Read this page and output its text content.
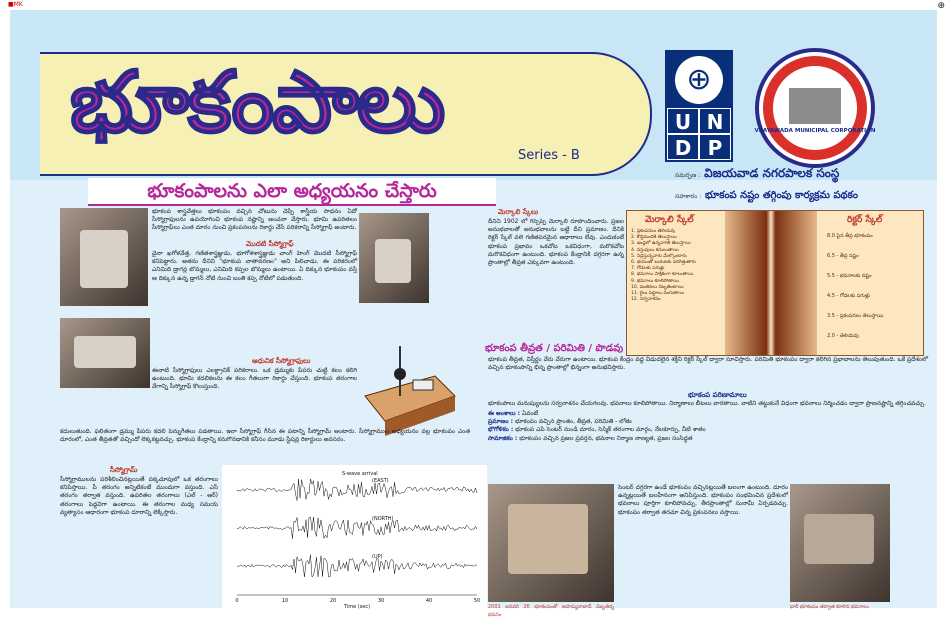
■MK	⊕
భూకంపాలు
Series - B
⊕
U N
D P
VIJAYAWADA MUNICIPAL CORPORATION
భూకంపాలను ఎలా అధ్యయనం చేస్తారు
సమర్పణ : విజయవాడ నగరపాలక సంస్థ
సహకారం : భూకంప నష్టం తగ్గింపు కార్యక్రమ పథకం
భూకంప శాస్త్రవేత్తలు భూకంపం వచ్చిన చోటును చెప్పే శాస్త్రీయ సాధనం ఏదో సీస్మోగ్రాఫులను ఉపయోగించి భూకంప నష్టాన్ని అంచనా వేస్తారు. భూమి ఉపరితలం సీస్మోగ్రాఫ్‌లు ఎంత దూరం నుంచి ప్రకంపనలను రికార్డు చేసే పరికరాన్ని సీస్మోగ్రాఫ్ అంటారు.
మొదటి సీస్మోగ్రాఫ్
చైనా ఖగోళవేత్త, గణితశాస్త్రజ్ఞుడు, భూగోళశాస్త్రజ్ఞుడు చాంగ్ హెంగ్ మొదటి సీస్మోగ్రాఫ్ కనిపెట్టారు. అతను దీనిని "భూకంప వాతావరణం" అని పిలిచాడు. ఈ పరికరంలో ఎనిమిది డ్రాగన్ల బొమ్మలు, ఎనిమిది కప్పల బొమ్మలు ఉంటాయి. ఏ దిక్కున భూకంపం వస్తే ఆ దిక్కున ఉన్న డ్రాగన్ నోటి నుంచి బంతి కప్ప నోటిలో పడుతుంది.
ఆధునిక సీస్మోగ్రాఫులు
ఈనాటి సీస్మోగ్రాఫులు ఎలక్ట్రానిక్ పరికరాలు. ఒక డ్రమ్ముకు పేపరు చుట్టి కలం కలిగి ఉంటుంది. భూమి కదలికలను ఈ కలం గీతలుగా రికార్డు చేస్తుంది. భూకంప తరంగాల వేగాన్ని సీస్మోగ్రాఫ్ కొలుస్తుంది.
కదులుతుంది. ఫలితంగా డ్రమ్ము పేపరు కదలి పెన్నుగీతలు పడతాయి. ఇలా సీస్మోగ్రాఫ్ గీసిన ఈ పటాన్ని సీస్మోగ్రామ్ అంటారు. సీస్మోగ్రాముల అధ్యయనం వల్ల భూకంపం ఎంత దూరంలో, ఎంత తీవ్రతతో వచ్చిందో లెక్కకట్టవచ్చు. భూకంప కేంద్రాన్ని కనుగొనడానికి కనీసం మూడు స్టేషన్ల రికార్డులు అవసరం.
సీస్మోగ్రామ్
సీస్మోగ్రాములను పరిశీలించినట్లయితే పక్కచూపులో ఒక తరంగాలు కనిపిస్తాయి. పీ తరంగం అన్నిటికంటే ముందుగా వస్తుంది. ఎస్ తరంగం తర్వాత వస్తుంది. ఉపరితల తరంగాలు (ఎల్ - ఆర్) తరంగాలు పెద్దవిగా ఉంటాయి. ఈ తరంగాల మధ్య సమయ వ్యత్యాసం ఆధారంగా భూకంప దూరాన్ని లెక్కిస్తారు.
(EAST)
(NORTH)
(UP)
0	10	20	30	40	50
S-wave arrival
Time (sec)
మెర్కాలి స్కేలు
దీనిని 1902 లో గిస్సెప్పె మెర్కాలి రూపొందించారు. ప్రజల అనుభవాలతో అనుభవాలను బట్టి దీని ప్రమాణం. దీనికి రిక్టర్ స్కేల్ వలె గణితపరమైన ఆధారాలు లేవు. ఎందుకంటే భూకంప ప్రభావం ఒకచోట ఒకవిధంగా, మరొకచోట మరొకవిధంగా ఉంటుంది. భూకంప కేంద్రానికి దగ్గరగా ఉన్న ప్రాంతాల్లో తీవ్రత ఎక్కువగా ఉంటుంది.
మెర్కాలి స్కేల్
1. ప్రకంపనలు తెలియవు
2. కొద్దిమందికి తెలుస్తాయి
3. ఇండ్లలో ఉన్నవారికి తెలుస్తాయి
4. వస్తువులు కదులుతాయి
5. నిద్రిస్తున్నవారు మేల్కొంటారు
6. భయంతో బయటకు పరిగెత్తుతారు
7. గోడలకు పగుళ్లు
8. భవనాలు పాక్షికంగా కూలుతాయి
9. భవనాలు కూలిపోతాయి
10. వంతెనలు దెబ్బతింటాయి
11. రైలు పట్టాలు వంగుతాయి
12. సర్వనాశనం
రిక్టర్ స్కేల్
8.0 పైన తీవ్ర భూకంపం
6.5 - తీవ్ర నష్టం
5.5 - భవనాలకు నష్టం
4.5 - గోడలకు పగుళ్లు
3.5 - ప్రకంపనలు తెలుస్తాయి
2.0 - తెలియవు
భూకంప తీవ్రత / పరిమితి / పొడవు
భూకంప తీవ్రత, విస్తీర్ణం వేరు వేరుగా ఉంటాయి. భూకంప కేంద్రం వద్ద విడుదలైన శక్తిని రిక్టర్ స్కేల్ ద్వారా సూచిస్తారు. పరిమితి భూకంపం ద్వారా కలిగిన ప్రభావాలను తెలుపుతుంది. ఒకే ప్రదేశంలో వచ్చిన భూకంపాన్ని భిన్న ప్రాంతాల్లో భిన్నంగా అనుభవిస్తారు.
భూకంప పరిణామాలు
భూకంపాలు మనుష్యులను సర్వనాశనం చేయగలవు. భవనాలు కూలిపోతాయి. నిర్మాణాలు బీటలు వారతాయి. వాటిని తట్టుకునే విధంగా భవనాలు నిర్మించడం ద్వారా ప్రాణనష్టాన్ని తగ్గించవచ్చు.
ఈ అంశాలు : ఏవంటే
ప్రమాణం : భూకంపం వచ్చిన ప్రాంతం, తీవ్రత, పరిమితి - లోతు
భౌగోళికం : భూకంప ఎపి సెంటర్ నుండి దూరం, సెస్మిక్ తరంగాల మార్గం, నేలకూర్పు, నీటి శాతం
సామాజికం : భూకంపం వచ్చిన ప్రజల ప్రవర్తన, భవనాల నిర్మాణ నాణ్యత, ప్రజల సంసిద్ధత
2001 జనవరి 26 భూకంపంతో అహమ్మదాబాద్ దెబ్బతిన్న భవనం
సెంటర్ దగ్గరగా ఉండే భూకంపం వచ్చినట్లయితే బలంగా ఉంటుంది. దూరం ఉన్నట్లయితే బలహీనంగా అనిపిస్తుంది. భూకంపం సంభవించిన ప్రదేశంలో భవనాలు పూర్తిగా కూలిపోవచ్చు. తీరప్రాంతాల్లో సునామీ ఏర్పడవచ్చు. భూకంపం తర్వాత తరచూ చిన్న ప్రకంపనలు వస్తాయి.
భారీ భూకంపం తర్వాత కూలిన భవనాలు
